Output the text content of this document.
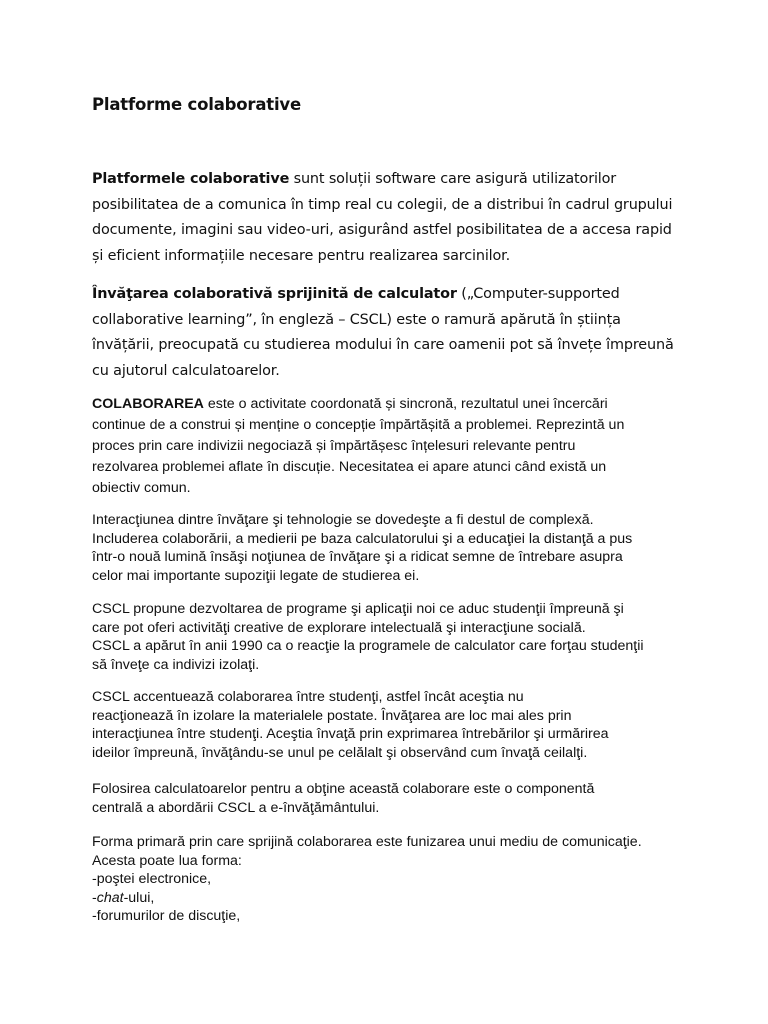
Platforme colaborative
Platformele colaborative sunt soluții software care asigură utilizatorilor
posibilitatea de a comunica în timp real cu colegii, de a distribui în cadrul grupului
documente, imagini sau video-uri, asigurând astfel posibilitatea de a accesa rapid
și eficient informațiile necesare pentru realizarea sarcinilor.
Învăţarea colaborativă sprijinită de calculator („Computer-supported
collaborative learning”, în engleză – CSCL) este o ramură apărută în știința
învățării, preocupată cu studierea modului în care oamenii pot să învețe împreună
cu ajutorul calculatoarelor.
COLABORAREA este o activitate coordonată și sincronă, rezultatul unei încercări
continue de a construi și menține o concepție împărtășită a problemei. Reprezintă un
proces prin care indivizii negociază și împărtășesc înțelesuri relevante pentru
rezolvarea problemei aflate în discuție. Necesitatea ei apare atunci când există un
obiectiv comun.
Interacţiunea dintre învăţare şi tehnologie se dovedeşte a fi destul de complexă.
Includerea colaborării, a medierii pe baza calculatorului şi a educaţiei la distanţă a pus
într-o nouă lumină însăşi noţiunea de învăţare şi a ridicat semne de întrebare asupra
celor mai importante supoziţii legate de studierea ei.
CSCL propune dezvoltarea de programe şi aplicaţii noi ce aduc studenţii împreună şi
care pot oferi activităţi creative de explorare intelectuală şi interacţiune socială.
CSCL a apărut în anii 1990 ca o reacţie la programele de calculator care forţau studenţii
să înveţe ca indivizi izolaţi.
CSCL accentuează colaborarea între studenţi, astfel încât aceştia nu
reacţionează în izolare la materialele postate. Învăţarea are loc mai ales prin
interacţiunea între studenţi. Aceştia învaţă prin exprimarea întrebărilor şi urmărirea
ideilor împreună, învăţându-se unul pe celălalt şi observând cum învaţă ceilalţi.
Folosirea calculatoarelor pentru a obţine această colaborare este o componentă
centrală a abordării CSCL a e-învăţământului.
Forma primară prin care sprijină colaborarea este funizarea unui mediu de comunicaţie.
Acesta poate lua forma:
-poştei electronice,
-chat-ului,
-forumurilor de discuţie,
